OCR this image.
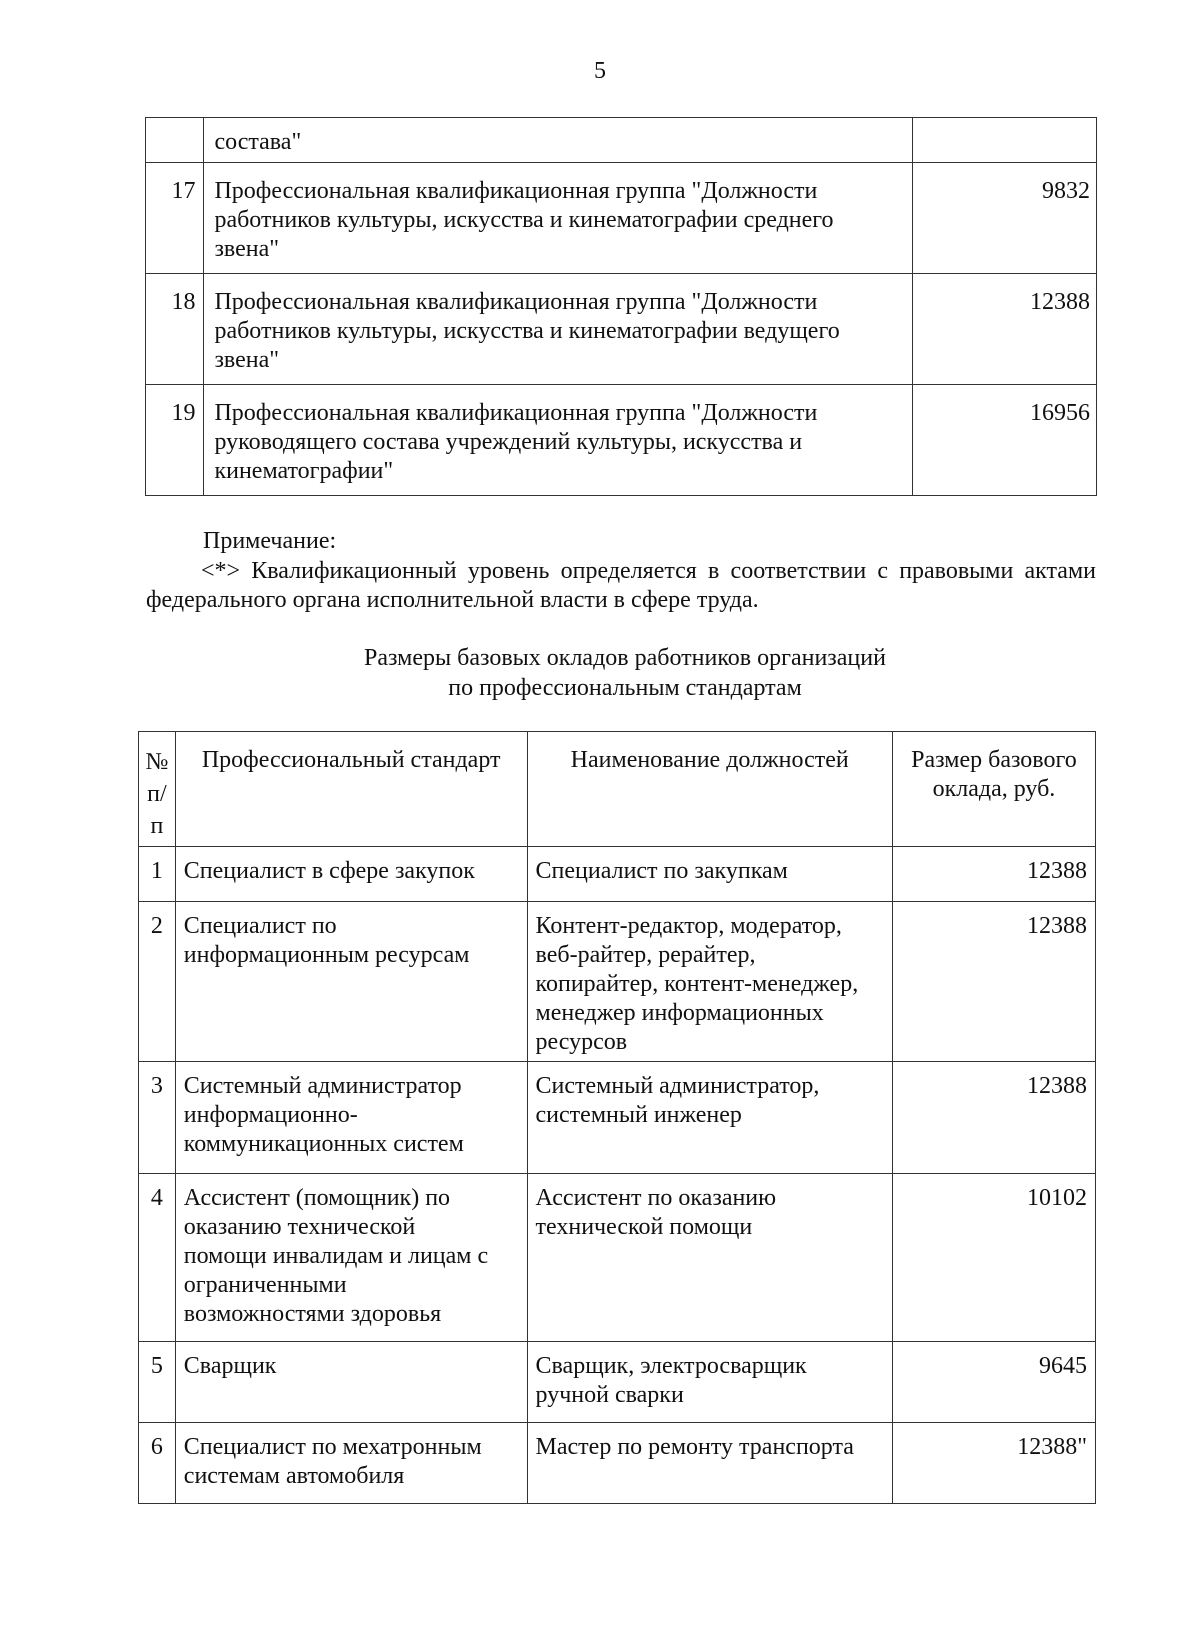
5

	состава"	

17	Профессиональная квалификационная группа "Должности
работников культуры, искусства и кинематографии среднего
звена"	9832
18	Профессиональная квалификационная группа "Должности
работников культуры, искусства и кинематографии ведущего
звена"	12388
19	Профессиональная квалификационная группа "Должности
руководящего состава учреждений культуры, искусства и
кинематографии"	16956
Примечание:

<*> Квалификационный уровень определяется в соответствии с правовыми актами федерального органа исполнительной власти в сфере труда.

Размеры базовых окладов работников организаций
по профессиональным стандартам
№
п/
п	Профессиональный стандарт	Наименование должностей	Размер базового
оклада, руб.

1	Специалист в сфере закупок	Специалист по закупкам	12388
2	Специалист по
информационным ресурсам	Контент-редактор, модератор,
веб-райтер, рерайтер,
копирайтер, контент-менеджер,
менеджер информационных
ресурсов	12388
3	Системный администратор
информационно-
коммуникационных систем	Системный администратор,
системный инженер	12388
4	Ассистент (помощник) по
оказанию технической
помощи инвалидам и лицам с
ограниченными
возможностями здоровья	Ассистент по оказанию
технической помощи	10102
5	Сварщик	Сварщик, электросварщик
ручной сварки	9645
6	Специалист по мехатронным
системам автомобиля	Мастер по ремонту транспорта	12388"
